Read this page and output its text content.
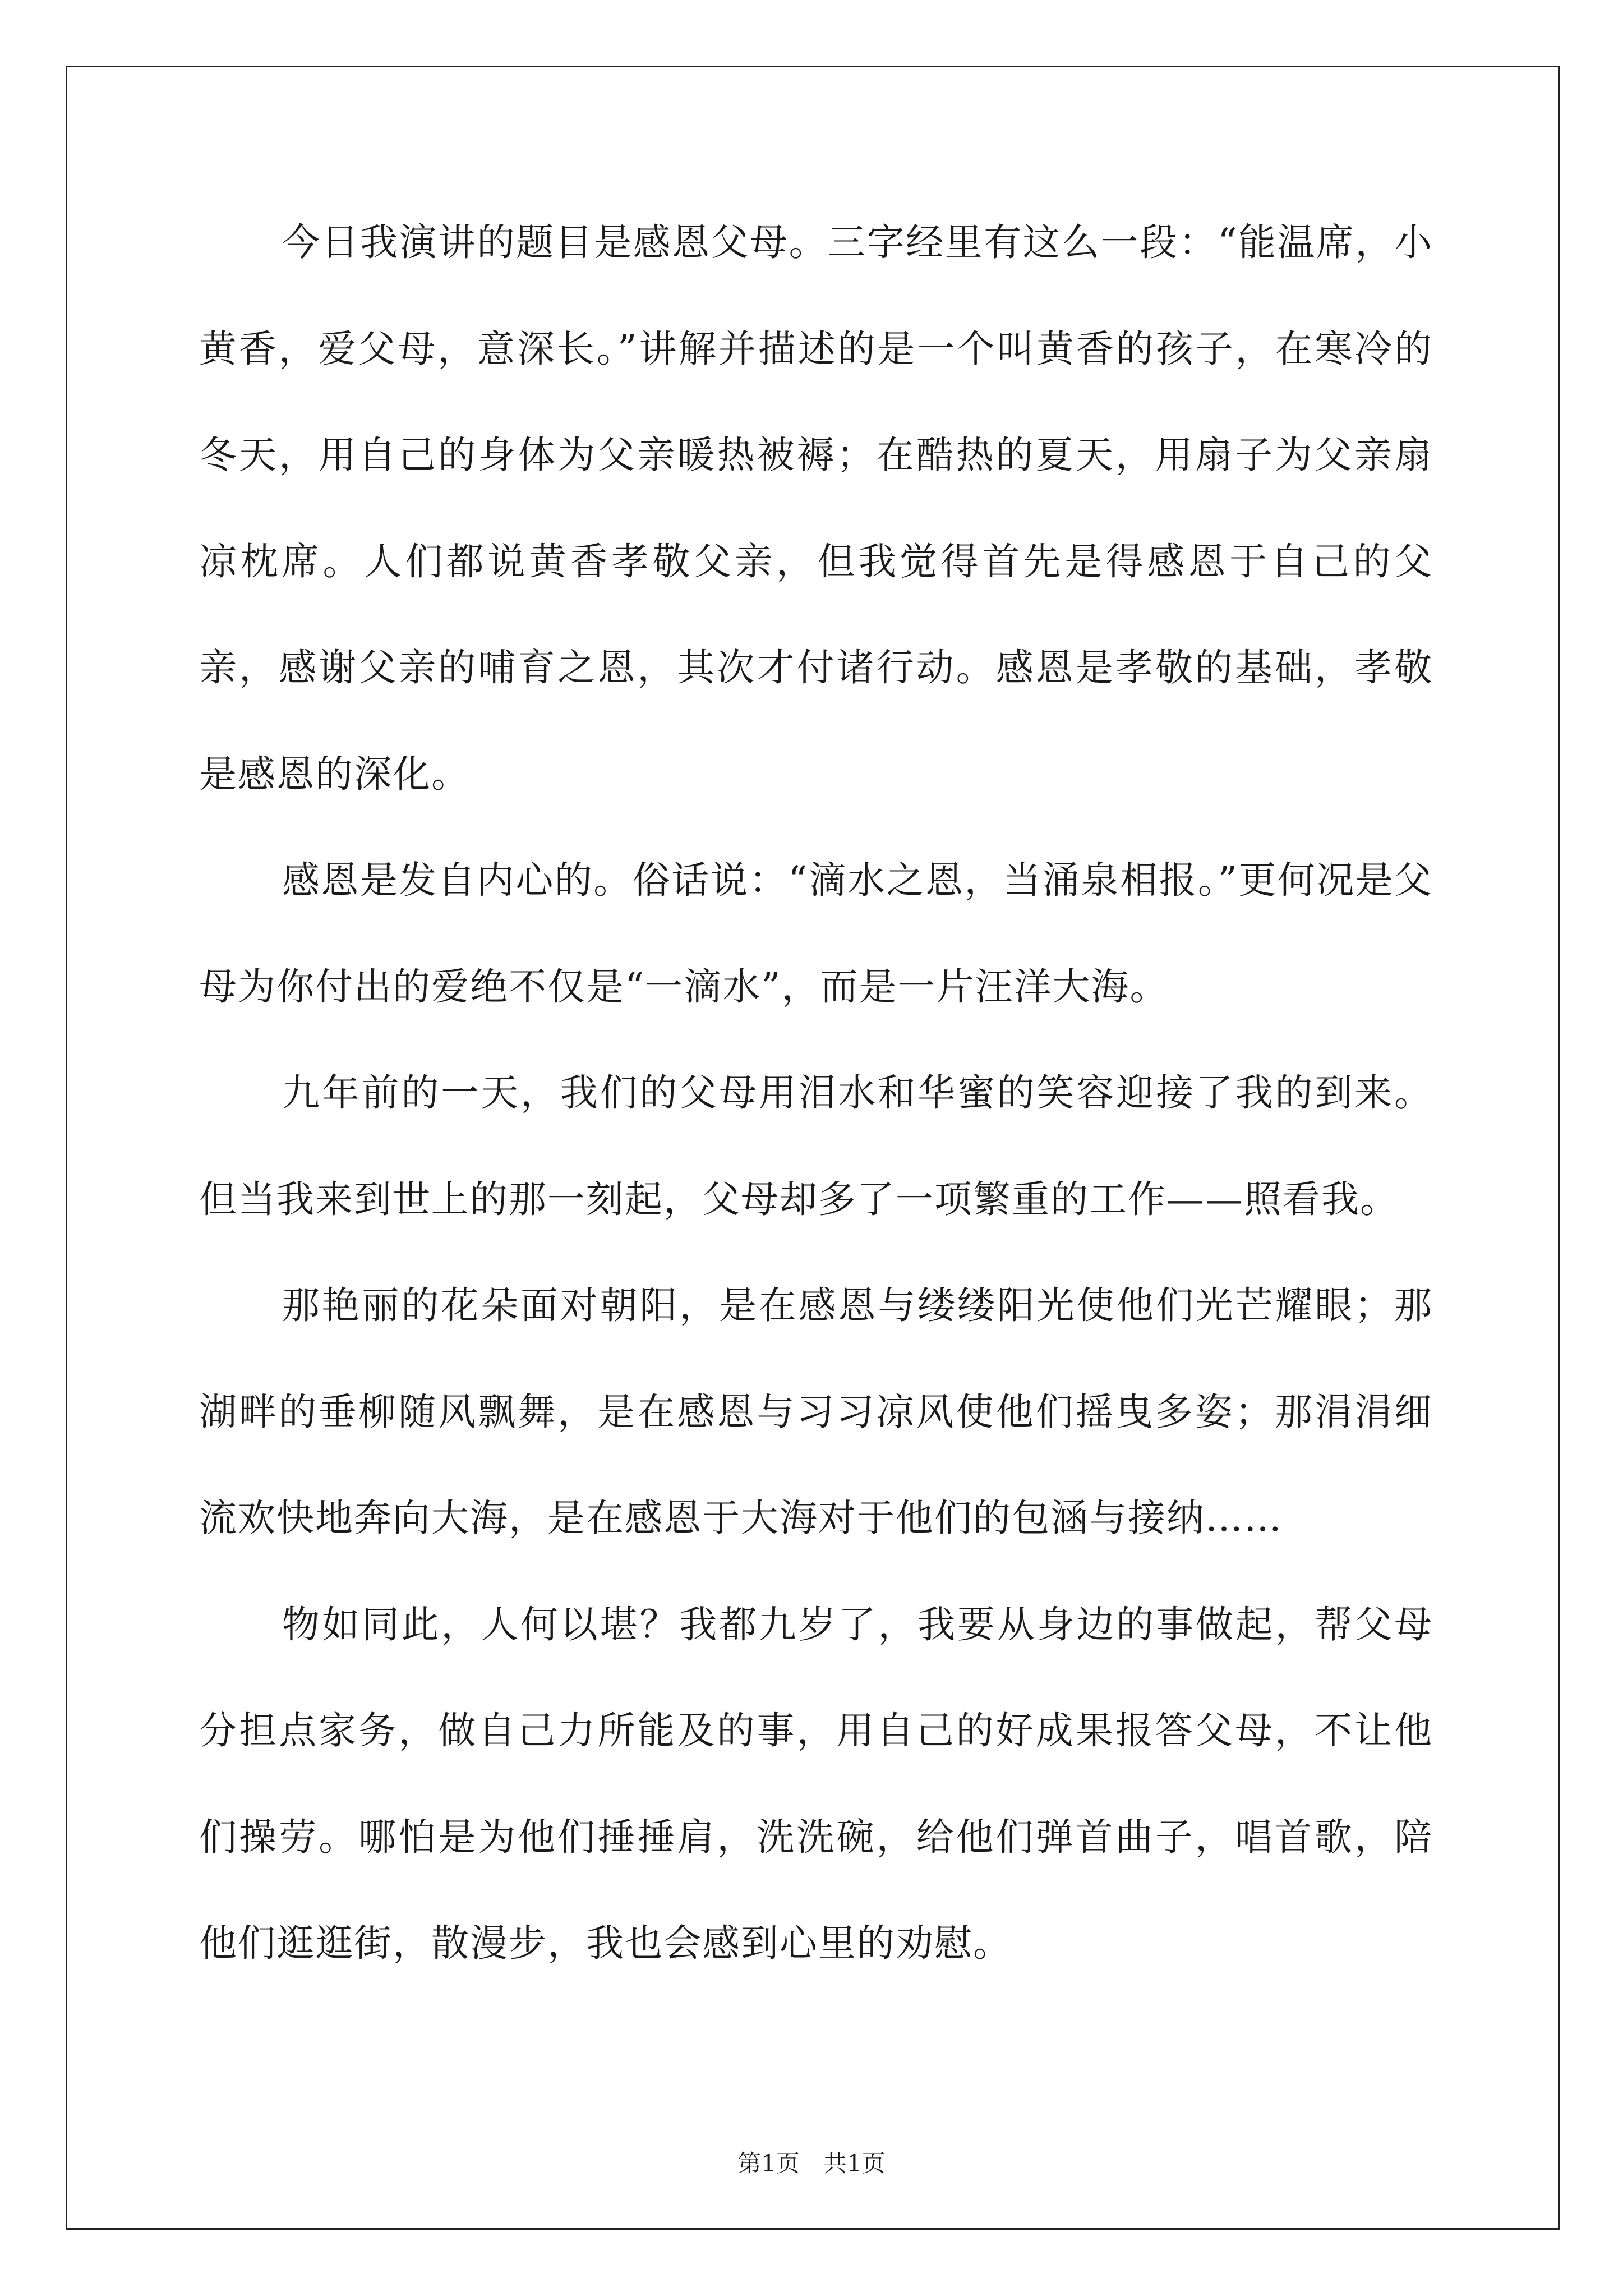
今日我演讲的题目是感恩父母。三字经里有这么一段：“能温席，小黄香，爱父母，意深长。”讲解并描述的是一个叫黄香的孩子，在寒冷的冬天，用自己的身体为父亲暖热被褥；在酷热的夏天，用扇子为父亲扇凉枕席。人们都说黄香孝敬父亲，但我觉得首先是得感恩于自己的父亲，感谢父亲的哺育之恩，其次才付诸行动。感恩是孝敬的基础，孝敬是感恩的深化。

感恩是发自内心的。俗话说：“滴水之恩，当涌泉相报。”更何况是父母为你付出的爱绝不仅是“一滴水”，而是一片汪洋大海。

九年前的一天，我们的父母用泪水和华蜜的笑容迎接了我的到来。但当我来到世上的那一刻起，父母却多了一项繁重的工作——照看我。

那艳丽的花朵面对朝阳，是在感恩与缕缕阳光使他们光芒耀眼；那湖畔的垂柳随风飘舞，是在感恩与习习凉风使他们摇曳多姿；那涓涓细流欢快地奔向大海，是在感恩于大海对于他们的包涵与接纳……

物如同此，人何以堪？我都九岁了，我要从身边的事做起，帮父母分担点家务，做自己力所能及的事，用自己的好成果报答父母，不让他们操劳。哪怕是为他们捶捶肩，洗洗碗，给他们弹首曲子，唱首歌，陪他们逛逛街，散漫步，我也会感到心里的劝慰。

第1页 共1页
